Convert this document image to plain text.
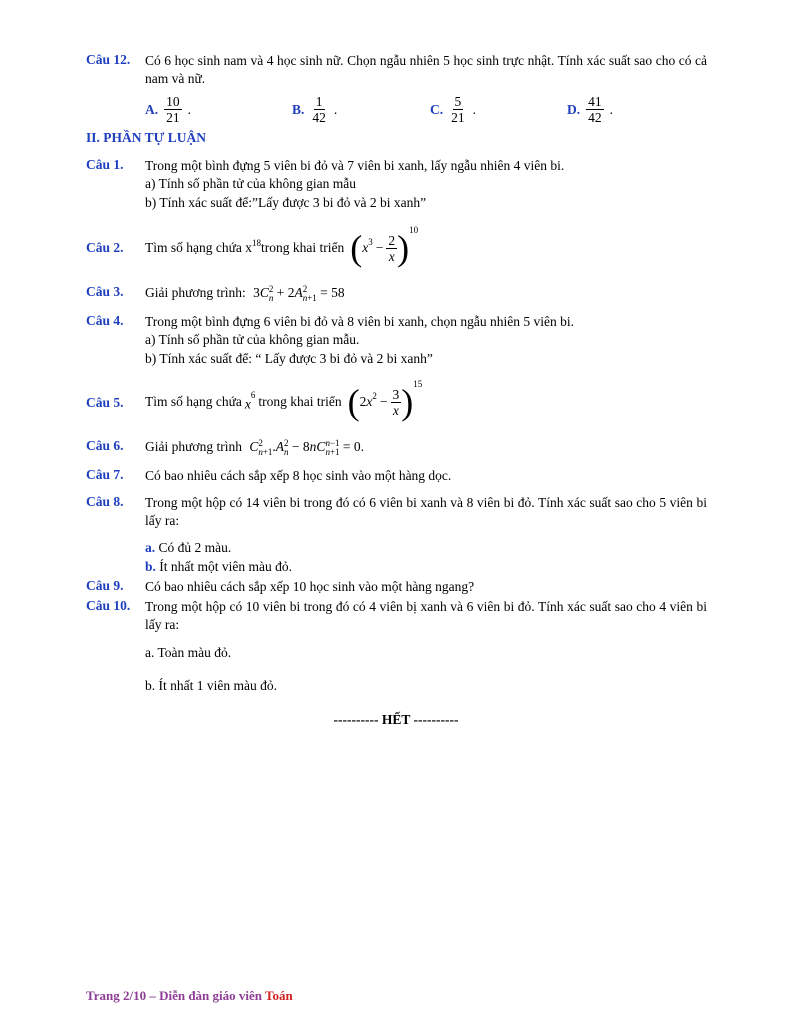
Câu 12. Có 6 học sinh nam và 4 học sinh nữ. Chọn ngẫu nhiên 5 học sinh trực nhật. Tính xác suất sao cho có cả nam và nữ.
A. $\frac{10}{21}$ .	B. $\frac{1}{42}$ .	C. $\frac{5}{21}$ .	D. $\frac{41}{42}$ .
II. PHẦN TỰ LUẬN
Câu 1. Trong một bình đựng 5 viên bi đỏ và 7 viên bi xanh, lấy ngẫu nhiên 4 viên bi.
a) Tính số phần tử của không gian mẫu
b) Tính xác suất để:”Lấy được 3 bi đỏ và 2 bi xanh”
Câu 2. Tìm số hạng chứa $x^{18}$ trong khai triển ( $x^3 - \frac{2}{x} )^{10}$
Câu 3. Giải phương trình: 3C 2
n + 2A 2
n+1 = 58
Câu 4. Trong một bình đựng 6 viên bi đỏ và 8 viên bi xanh, chọn ngẫu nhiên 5 viên bi.
a) Tính số phần tử của không gian mẫu.
b) Tính xác suất để: “ Lấy được 3 bi đỏ và 2 bi xanh”
Câu 5. Tìm số hạng chứa $x^6$ trong khai triển ( $2x^2 - \frac{3}{x} )^{15}$
Câu 6. Giải phương trình C 2
n+1 .A 2
n − 8nC n−1
n+1 = 0.
Câu 7. Có bao nhiêu cách sắp xếp 8 học sinh vào một hàng dọc.
Câu 8. Trong một hộp có 14 viên bi trong đó có 6 viên bi xanh và 8 viên bi đỏ. Tính xác suất sao cho 5 viên bi lấy ra:
a. Có đủ 2 màu.
b. Ít nhất một viên màu đỏ.
Câu 9. Có bao nhiêu cách sắp xếp 10 học sinh vào một hàng ngang?
Câu 10. Trong một hộp có 10 viên bi trong đó có 4 viên bị xanh và 6 viên bi đỏ. Tính xác suất sao cho 4 viên bi lấy ra:
a. Toàn màu đỏ.
b. Ít nhất 1 viên màu đỏ.
---------- HẾT ----------
Trang 2/10 – Diễn đàn giáo viên Toán
